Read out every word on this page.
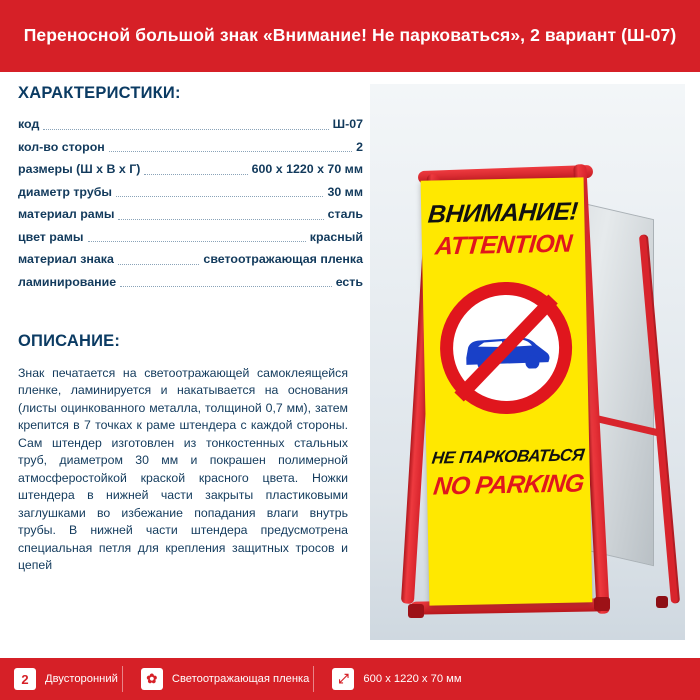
Переносной большой знак «Внимание! Не парковаться», 2 вариант (Ш-07)
ХАРАКТЕРИСТИКИ:
код	Ш-07
кол-во сторон	2
размеры (Ш х В х Г)	600 х 1220 х 70 мм
диаметр трубы	30 мм
материал рамы	сталь
цвет рамы	красный
материал знака	светоотражающая пленка
ламинирование	есть
ОПИСАНИЕ:
Знак печатается на светоотражающей самоклеящейся пленке, ламинируется и накатывается на основания (листы оцинкованного металла, толщиной 0,7 мм), затем крепится в 7 точках к раме штендера с каждой стороны. Сам штендер изготовлен из тонкостенных стальных труб, диаметром 30 мм и покрашен полимерной атмосферостойкой краской красного цвета. Ножки штендера в нижней части закрыты пластиковыми заглушками во избежание попадания влаги внутрь трубы. В нижней части штендера предусмотрена специальная петля для крепления защитных тросов и цепей
ВНИМАНИЕ!
ATTENTION
НЕ ПАРКОВАТЬСЯ
NO PARKING
2	Двусторонний	✿	Светоотражающая пленка	⤢	600 х 1220 х 70 мм
